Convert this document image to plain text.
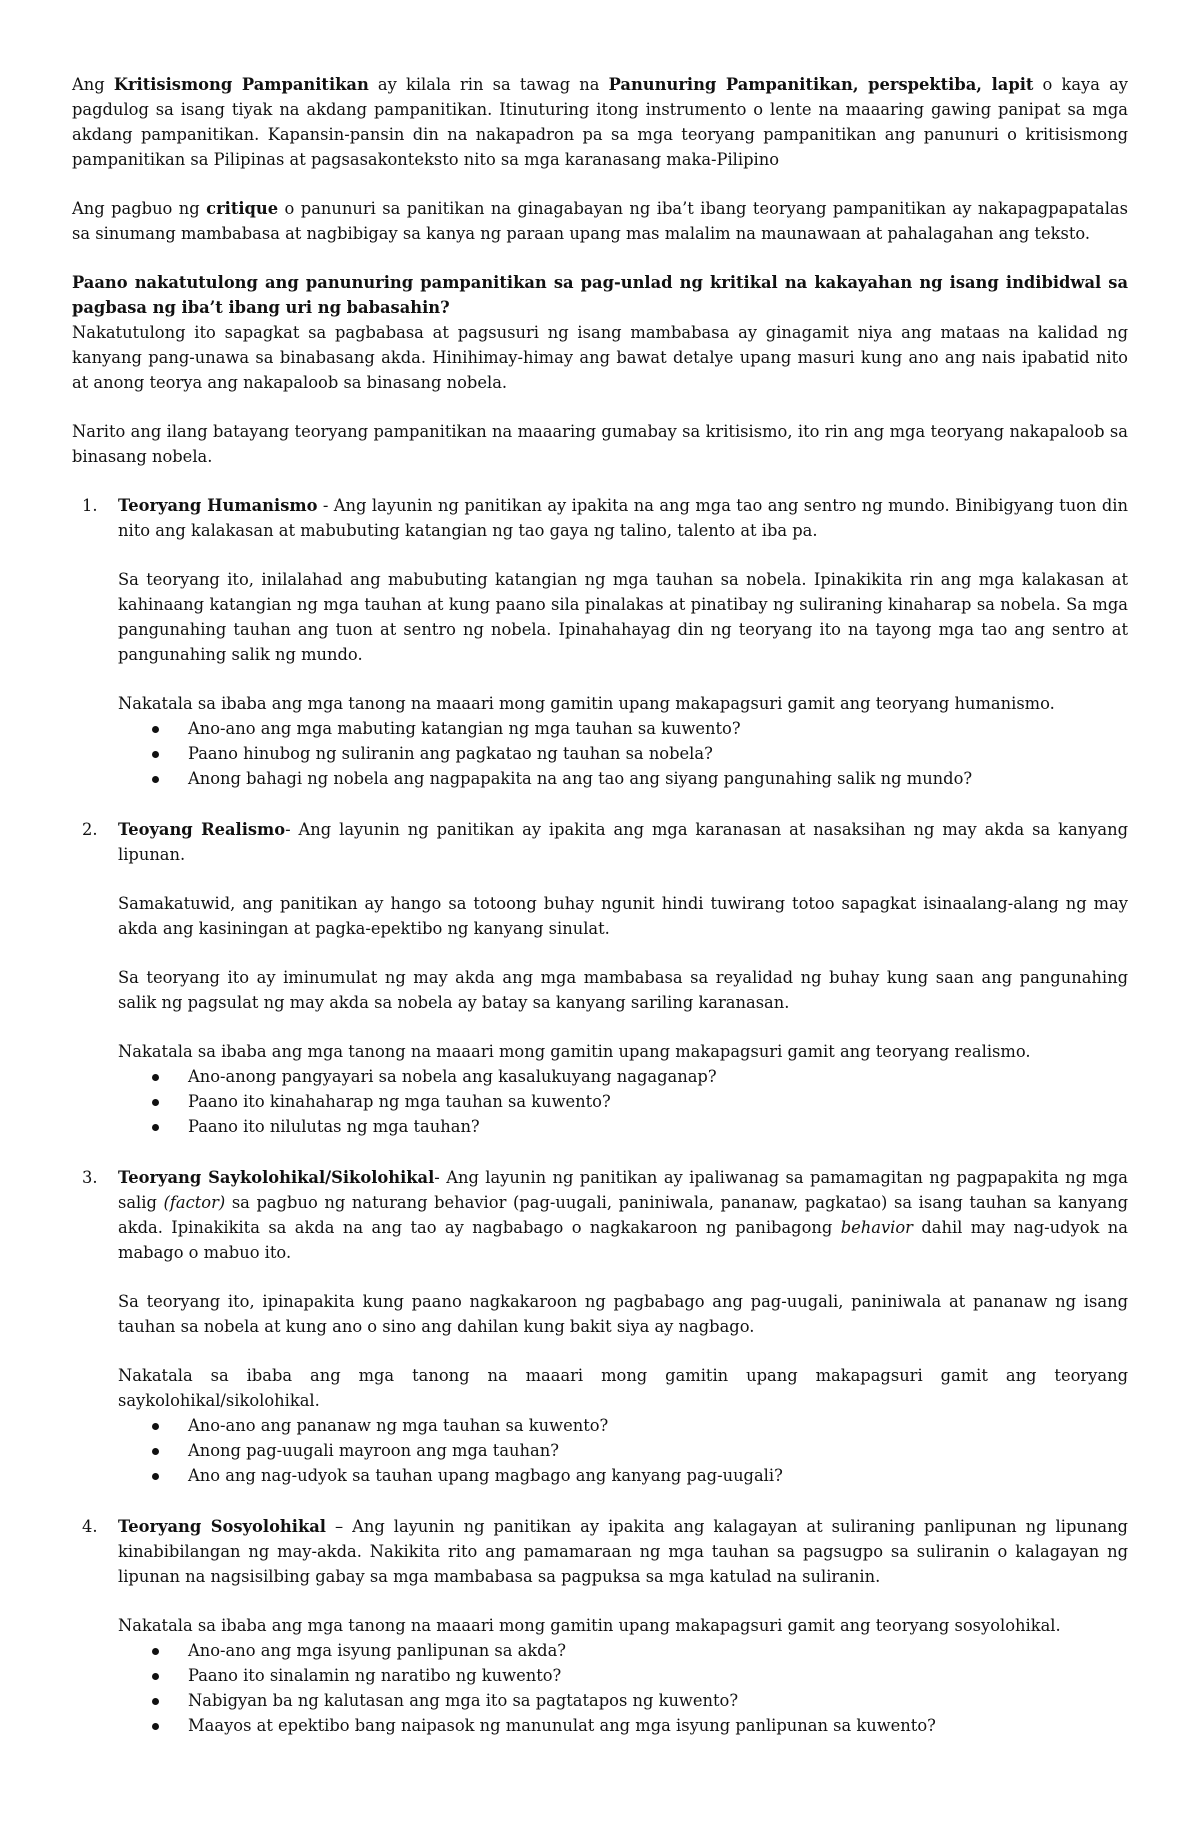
Ang Kritisismong Pampanitikan ay kilala rin sa tawag na Panunuring Pampanitikan, perspektiba, lapit o kaya ay pagdulog sa isang tiyak na akdang pampanitikan. Itinuturing itong instrumento o lente na maaaring gawing panipat sa mga akdang pampanitikan. Kapansin-pansin din na nakapadron pa sa mga teoryang pampanitikan ang panunuri o kritisismong pampanitikan sa Pilipinas at pagsasakonteksto nito sa mga karanasang maka-Pilipino

Ang pagbuo ng critique o panunuri sa panitikan na ginagabayan ng iba’t ibang teoryang pampanitikan ay nakapagpapatalas sa sinumang mambabasa at nagbibigay sa kanya ng paraan upang mas malalim na maunawaan at pahalagahan ang teksto.

Paano nakatutulong ang panunuring pampanitikan sa pag-unlad ng kritikal na kakayahan ng isang indibidwal sa pagbasa ng iba’t ibang uri ng babasahin?

Nakatutulong ito sapagkat sa pagbabasa at pagsusuri ng isang mambabasa ay ginagamit niya ang mataas na kalidad ng kanyang pang-unawa sa binabasang akda. Hinihimay-himay ang bawat detalye upang masuri kung ano ang nais ipabatid nito at anong teorya ang nakapaloob sa binasang nobela.

Narito ang ilang batayang teoryang pampanitikan na maaaring gumabay sa kritisismo, ito rin ang mga teoryang nakapaloob sa binasang nobela.

1. Teoryang Humanismo - Ang layunin ng panitikan ay ipakita na ang mga tao ang sentro ng mundo. Binibigyang tuon din nito ang kalakasan at mabubuting katangian ng tao gaya ng talino, talento at iba pa.

Sa teoryang ito, inilalahad ang mabubuting katangian ng mga tauhan sa nobela. Ipinakikita rin ang mga kalakasan at kahinaang katangian ng mga tauhan at kung paano sila pinalakas at pinatibay ng suliraning kinaharap sa nobela. Sa mga pangunahing tauhan ang tuon at sentro ng nobela. Ipinahahayag din ng teoryang ito na tayong mga tao ang sentro at pangunahing salik ng mundo.

Nakatala sa ibaba ang mga tanong na maaari mong gamitin upang makapagsuri gamit ang teoryang humanismo.

Ano-ano ang mga mabuting katangian ng mga tauhan sa kuwento?
Paano hinubog ng suliranin ang pagkatao ng tauhan sa nobela?
Anong bahagi ng nobela ang nagpapakita na ang tao ang siyang pangunahing salik ng mundo?
2. Teoyang Realismo- Ang layunin ng panitikan ay ipakita ang mga karanasan at nasaksihan ng may akda sa kanyang lipunan.

Samakatuwid, ang panitikan ay hango sa totoong buhay ngunit hindi tuwirang totoo sapagkat isinaalang-alang ng may akda ang kasiningan at pagka-epektibo ng kanyang sinulat.

Sa teoryang ito ay iminumulat ng may akda ang mga mambabasa sa reyalidad ng buhay kung saan ang pangunahing salik ng pagsulat ng may akda sa nobela ay batay sa kanyang sariling karanasan.

Nakatala sa ibaba ang mga tanong na maaari mong gamitin upang makapagsuri gamit ang teoryang realismo.

Ano-anong pangyayari sa nobela ang kasalukuyang nagaganap?
Paano ito kinahaharap ng mga tauhan sa kuwento?
Paano ito nilulutas ng mga tauhan?
3. Teoryang Saykolohikal/Sikolohikal- Ang layunin ng panitikan ay ipaliwanag sa pamamagitan ng pagpapakita ng mga salig (factor) sa pagbuo ng naturang behavior (pag-uugali, paniniwala, pananaw, pagkatao) sa isang tauhan sa kanyang akda. Ipinakikita sa akda na ang tao ay nagbabago o nagkakaroon ng panibagong behavior dahil may nag-udyok na mabago o mabuo ito.

Sa teoryang ito, ipinapakita kung paano nagkakaroon ng pagbabago ang pag-uugali, paniniwala at pananaw ng isang tauhan sa nobela at kung ano o sino ang dahilan kung bakit siya ay nagbago.

Nakatala sa ibaba ang mga tanong na maaari mong gamitin upang makapagsuri gamit ang teoryang saykolohikal/sikolohikal.

Ano-ano ang pananaw ng mga tauhan sa kuwento?
Anong pag-uugali mayroon ang mga tauhan?
Ano ang nag-udyok sa tauhan upang magbago ang kanyang pag-uugali?
4. Teoryang Sosyolohikal – Ang layunin ng panitikan ay ipakita ang kalagayan at suliraning panlipunan ng lipunang kinabibilangan ng may-akda. Nakikita rito ang pamamaraan ng mga tauhan sa pagsugpo sa suliranin o kalagayan ng lipunan na nagsisilbing gabay sa mga mambabasa sa pagpuksa sa mga katulad na suliranin.

Nakatala sa ibaba ang mga tanong na maaari mong gamitin upang makapagsuri gamit ang teoryang sosyolohikal.

Ano-ano ang mga isyung panlipunan sa akda?
Paano ito sinalamin ng naratibo ng kuwento?
Nabigyan ba ng kalutasan ang mga ito sa pagtatapos ng kuwento?
Maayos at epektibo bang naipasok ng manunulat ang mga isyung panlipunan sa kuwento?
